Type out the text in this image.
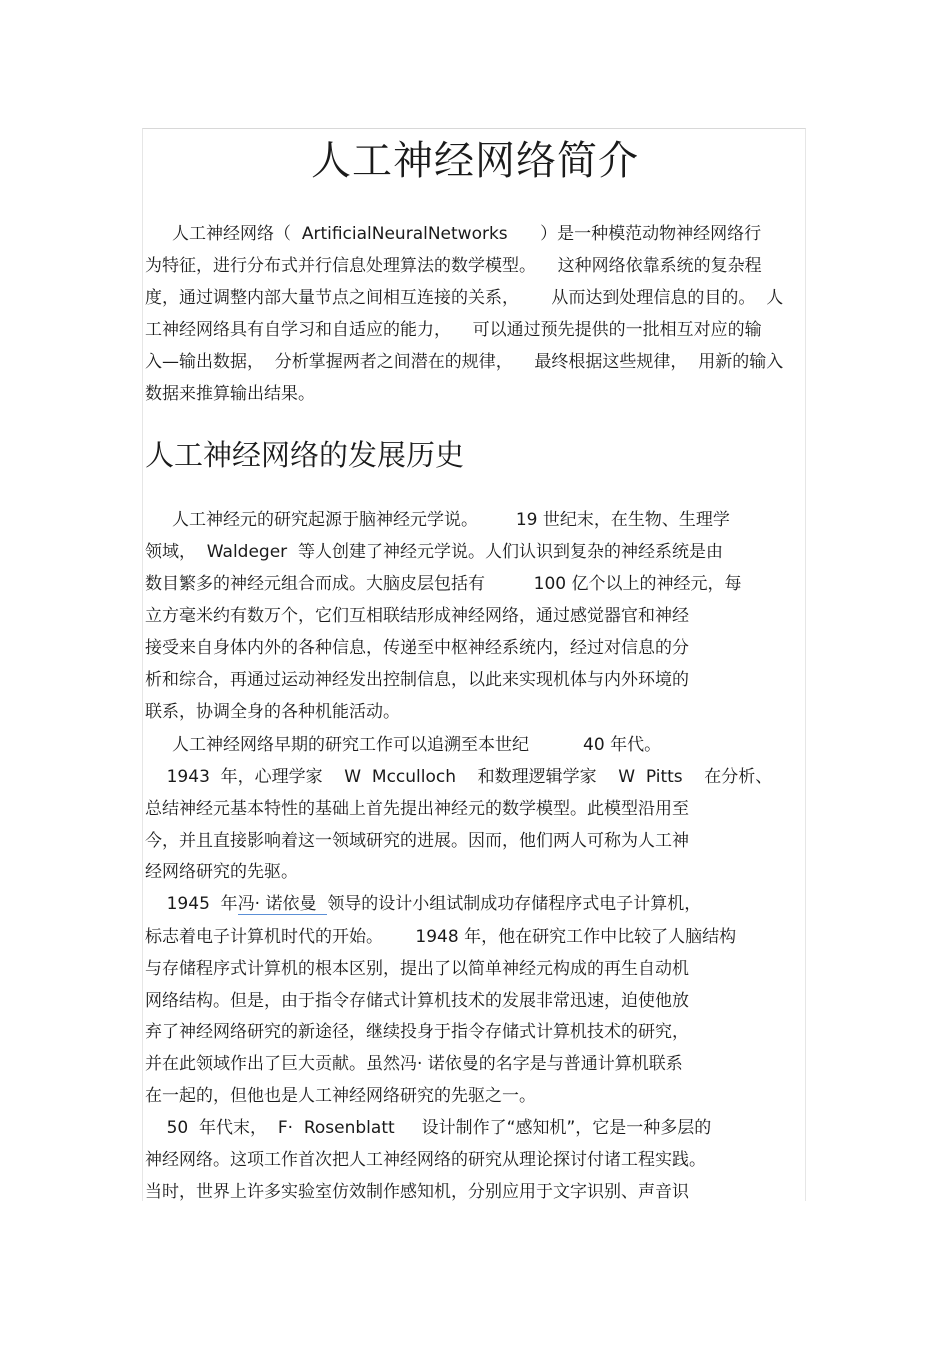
人工神经网络简介

人工神经网络（  ArtificialNeuralNetworks      ）是一种模范动物神经网络行

为特征，进行分布式并行信息处理算法的数学模型。    这种网络依靠系统的复杂程

度，通过调整内部大量节点之间相互连接的关系，      从而达到处理信息的目的。  人

工神经网络具有自学习和自适应的能力，    可以通过预先提供的一批相互对应的输

入—输出数据，  分析掌握两者之间潜在的规律，    最终根据这些规律，  用新的输入

数据来推算输出结果。

人工神经网络的发展历史

人工神经元的研究起源于脑神经元学说。       19 世纪末，在生物、生理学

领域，  Waldeger  等人创建了神经元学说。人们认识到复杂的神经系统是由

数目繁多的神经元组合而成。大脑皮层包括有         100 亿个以上的神经元，每

立方毫米约有数万个，它们互相联结形成神经网络，通过感觉器官和神经

接受来自身体内外的各种信息，传递至中枢神经系统内，经过对信息的分

析和综合，再通过运动神经发出控制信息，以此来实现机体与内外环境的

联系，协调全身的各种机能活动。

人工神经网络早期的研究工作可以追溯至本世纪          40 年代。

1943  年，心理学家    W  Mcculloch    和数理逻辑学家    W  Pitts    在分析、

总结神经元基本特性的基础上首先提出神经元的数学模型。此模型沿用至

今，并且直接影响着这一领域研究的进展。因而，他们两人可称为人工神

经网络研究的先驱。

1945  年冯· 诺依曼  领导的设计小组试制成功存储程序式电子计算机，

标志着电子计算机时代的开始。      1948 年，他在研究工作中比较了人脑结构

与存储程序式计算机的根本区别，提出了以简单神经元构成的再生自动机

网络结构。但是，由于指令存储式计算机技术的发展非常迅速，迫使他放

弃了神经网络研究的新途径，继续投身于指令存储式计算机技术的研究，

并在此领域作出了巨大贡献。虽然冯· 诺依曼的名字是与普通计算机联系

在一起的，但他也是人工神经网络研究的先驱之一。

50  年代末，  F·  Rosenblatt     设计制作了“感知机”，它是一种多层的

神经网络。这项工作首次把人工神经网络的研究从理论探讨付诸工程实践。

当时，世界上许多实验室仿效制作感知机，分别应用于文字识别、声音识
